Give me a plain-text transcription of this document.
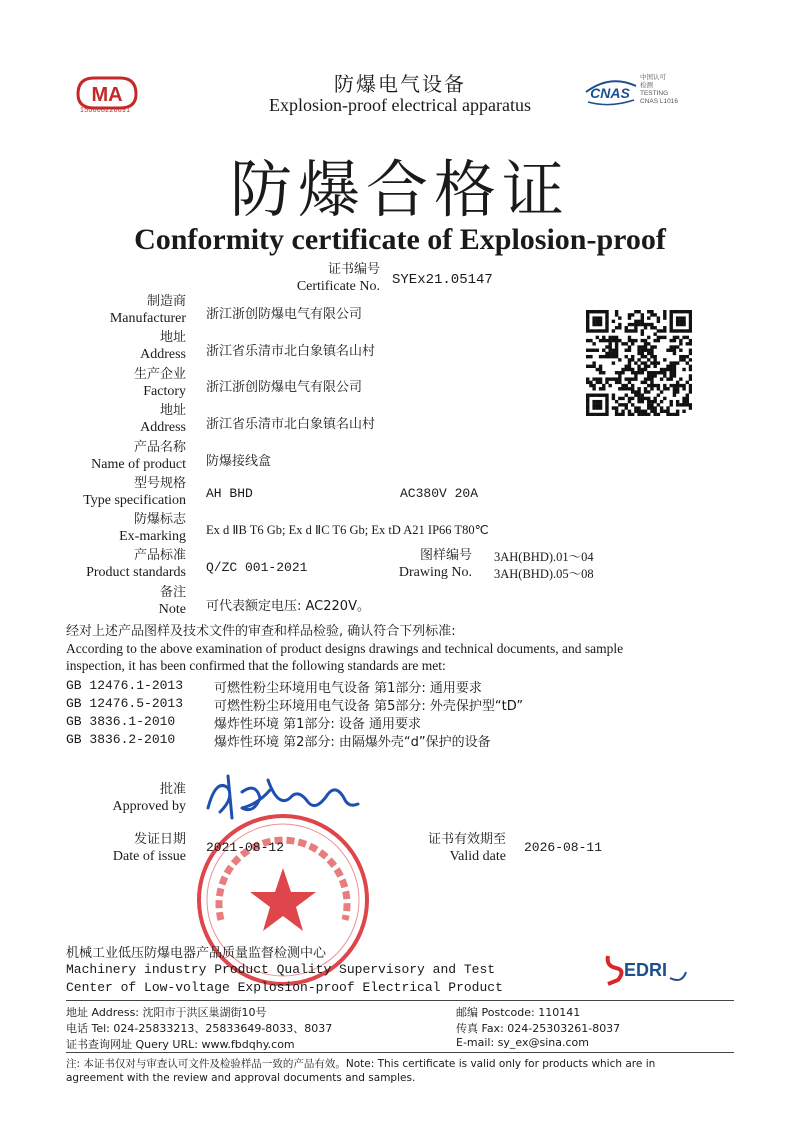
MA
150008220691
防爆电气设备
Explosion-proof electrical apparatus
CNAS
中国认可
检测
TESTING
CNAS L1016
防爆合格证
Conformity certificate of Explosion-proof
证书编号
Certificate No. SYEx21.05147
制造商
Manufacturer 浙江浙创防爆电气有限公司
地址
Address 浙江省乐清市北白象镇名山村
生产企业
Factory 浙江浙创防爆电气有限公司
地址
Address 浙江省乐清市北白象镇名山村
产品名称
Name of product 防爆接线盒
型号规格
Type specification AH BHD	AC380V 20A
防爆标志
Ex-marking Ex d ⅡB T6 Gb; Ex d ⅡC T6 Gb; Ex tD A21 IP66 T80℃
产品标准
Product standards Q/ZC 001-2021
图样编号
Drawing No.
3AH(BHD).01～04
3AH(BHD).05～08
备注
Note 可代表额定电压: AC220V。
经对上述产品图样及技术文件的审查和样品检验, 确认符合下列标准:
According to the above examination of product designs drawings and technical documents, and sample
inspection, it has been confirmed that the following standards are met:
GB 12476.1-2013 可燃性粉尘环境用电气设备 第1部分: 通用要求
GB 12476.5-2013 可燃性粉尘环境用电气设备 第5部分: 外壳保护型“tD”
GB 3836.1-2010	爆炸性环境 第1部分: 设备 通用要求
GB 3836.2-2010	爆炸性环境 第2部分: 由隔爆外壳“d”保护的设备
批准
Approved by
发证日期
Date of issue
2021-08-12
证书有效期至
Valid date
2026-08-11
机械工业低压防爆电器产品质量监督检测中心
Machinery industry Product Quality Supervisory and Test
Center of Low-voltage Explosion-proof Electrical Product
EDRI
地址 Address: 沈阳市于洪区巢湖街10号	邮编 Postcode: 110141
电话 Tel: 024-25833213、25833649-8033、8037	传真 Fax: 024-25303261-8037
证书查询网址 Query URL: www.fbdqhy.com	E-mail: sy_ex@sina.com
注: 本证书仅对与审查认可文件及检验样品一致的产品有效。Note: This certificate is valid only for products which are in
agreement with the review and approval documents and samples.
